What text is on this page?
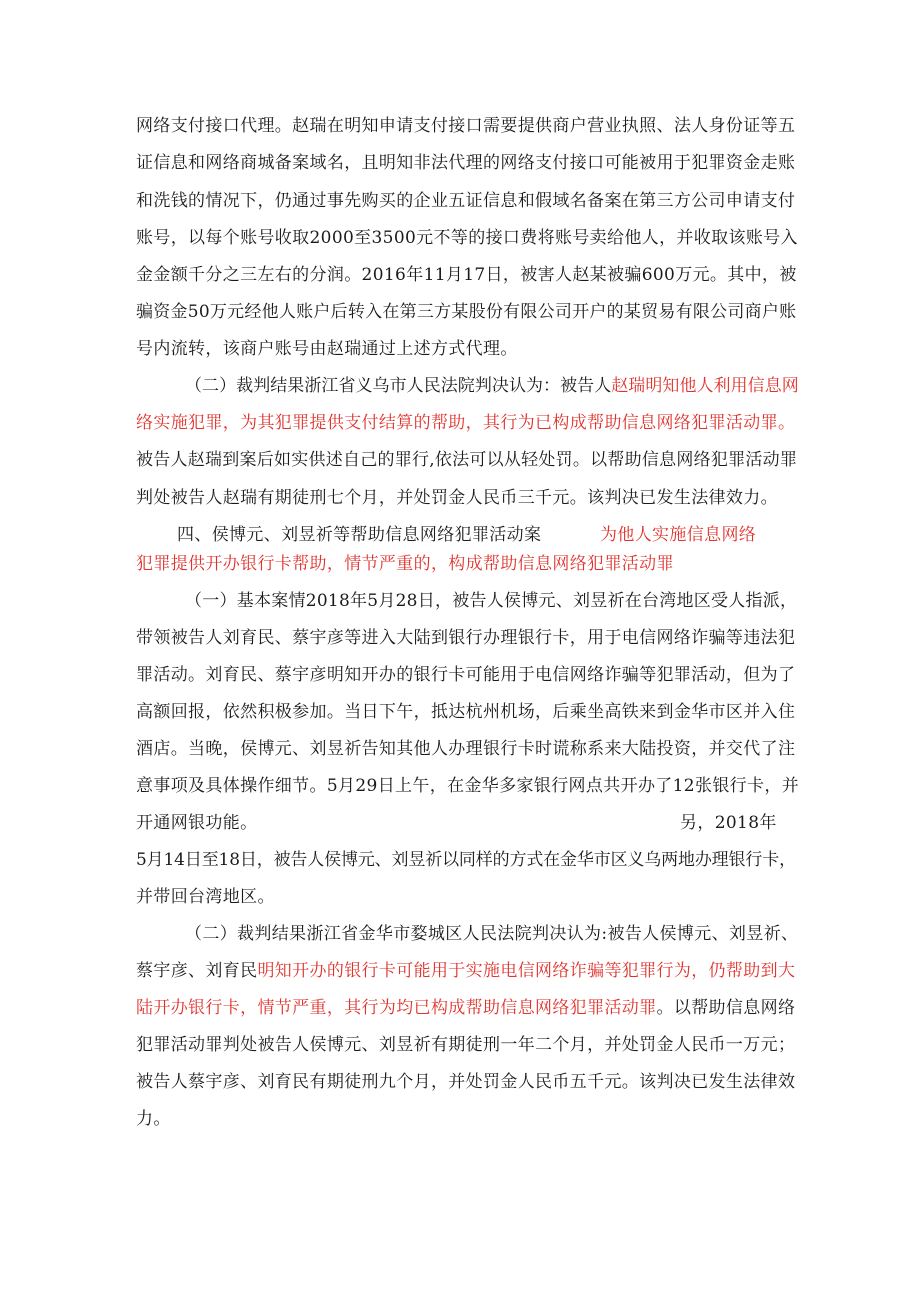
网络支付接口代理。赵瑞在明知申请支付接口需要提供商户营业执照、法人身份证等五
证信息和网络商城备案域名，且明知非法代理的网络支付接口可能被用于犯罪资金走账
和洗钱的情况下，仍通过事先购买的企业五证信息和假域名备案在第三方公司申请支付
账号，以每个账号收取2000至3500元不等的接口费将账号卖给他人，并收取该账号入
金金额千分之三左右的分润。2016年11月17日，被害人赵某被骗600万元。其中，被
骗资金50万元经他人账户后转入在第三方某股份有限公司开户的某贸易有限公司商户账
号内流转，该商户账号由赵瑞通过上述方式代理。
（二）裁判结果浙江省义乌市人民法院判决认为：被告人赵瑞明知他人利用信息网
络实施犯罪，为其犯罪提供支付结算的帮助，其行为已构成帮助信息网络犯罪活动罪。
被告人赵瑞到案后如实供述自己的罪行,依法可以从轻处罚。以帮助信息网络犯罪活动罪
判处被告人赵瑞有期徒刑七个月，并处罚金人民币三千元。该判决已发生法律效力。
四、侯博元、刘昱祈等帮助信息网络犯罪活动案	为他人实施信息网络
犯罪提供开办银行卡帮助，情节严重的，构成帮助信息网络犯罪活动罪
（一）基本案情2018年5月28日，被告人侯博元、刘昱祈在台湾地区受人指派，
带领被告人刘育民、蔡宇彦等进入大陆到银行办理银行卡，用于电信网络诈骗等违法犯
罪活动。刘育民、蔡宇彦明知开办的银行卡可能用于电信网络诈骗等犯罪活动，但为了
高额回报，依然积极参加。当日下午，抵达杭州机场，后乘坐高铁来到金华市区并入住
酒店。当晚，侯博元、刘昱祈告知其他人办理银行卡时谎称系来大陆投资，并交代了注
意事项及具体操作细节。5月29日上午，在金华多家银行网点共开办了12张银行卡，并
开通网银功能。	另，2018年
5月14日至18日，被告人侯博元、刘昱祈以同样的方式在金华市区义乌两地办理银行卡，
并带回台湾地区。
（二）裁判结果浙江省金华市婺城区人民法院判决认为:被告人侯博元、刘昱祈、
蔡宇彦、刘育民明知开办的银行卡可能用于实施电信网络诈骗等犯罪行为，仍帮助到大
陆开办银行卡，情节严重，其行为均已构成帮助信息网络犯罪活动罪。以帮助信息网络
犯罪活动罪判处被告人侯博元、刘昱祈有期徒刑一年二个月，并处罚金人民币一万元；
被告人蔡宇彦、刘育民有期徒刑九个月，并处罚金人民币五千元。该判决已发生法律效
力。
